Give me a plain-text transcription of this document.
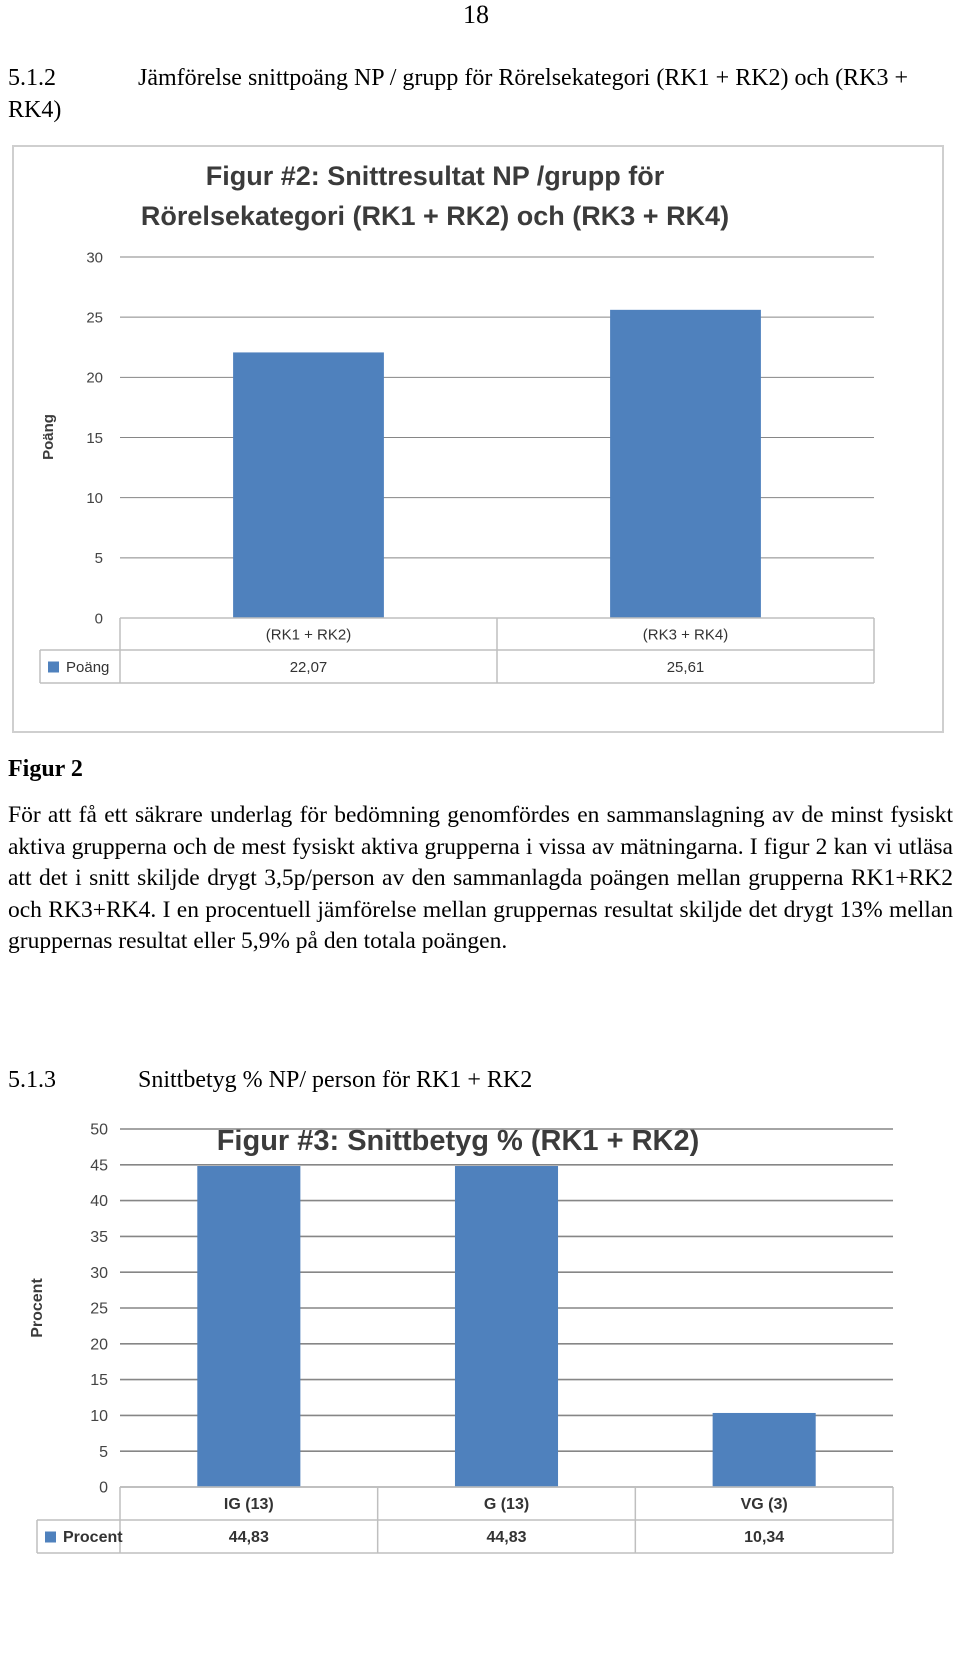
18
5.1.2	Jämförelse snittpoäng NP / grupp för Rörelsekategori (RK1 + RK2) och (RK3 + RK4)
Figur #2: Snittresultat NP /grupp för
Rörelsekategori (RK1 + RK2) och (RK3 + RK4)
Poäng
0
5
10
15
20
25
30
(RK1 + RK2)
22,07
(RK3 + RK4)
25,61
Poäng
Figur 2

För att få ett säkrare underlag för bedömning genomfördes en sammanslagning av de minst fysiskt aktiva grupperna och de mest fysiskt aktiva grupperna i vissa av mätningarna. I figur 2 kan vi utläsa att det i snitt skiljde drygt 3,5p/person av den sammanlagda poängen mellan grupperna RK1+RK2 och RK3+RK4. I en procentuell jämförelse mellan gruppernas resultat skiljde det drygt 13% mellan gruppernas resultat eller 5,9% på den totala poängen.

5.1.3	Snittbetyg % NP/ person för RK1 + RK2
Figur #3: Snittbetyg % (RK1 + RK2)
Procent
0
5
10
15
20
25
30
35
40
45
50
IG (13)
44,83
G (13)
44,83
VG (3)
10,34
Procent
